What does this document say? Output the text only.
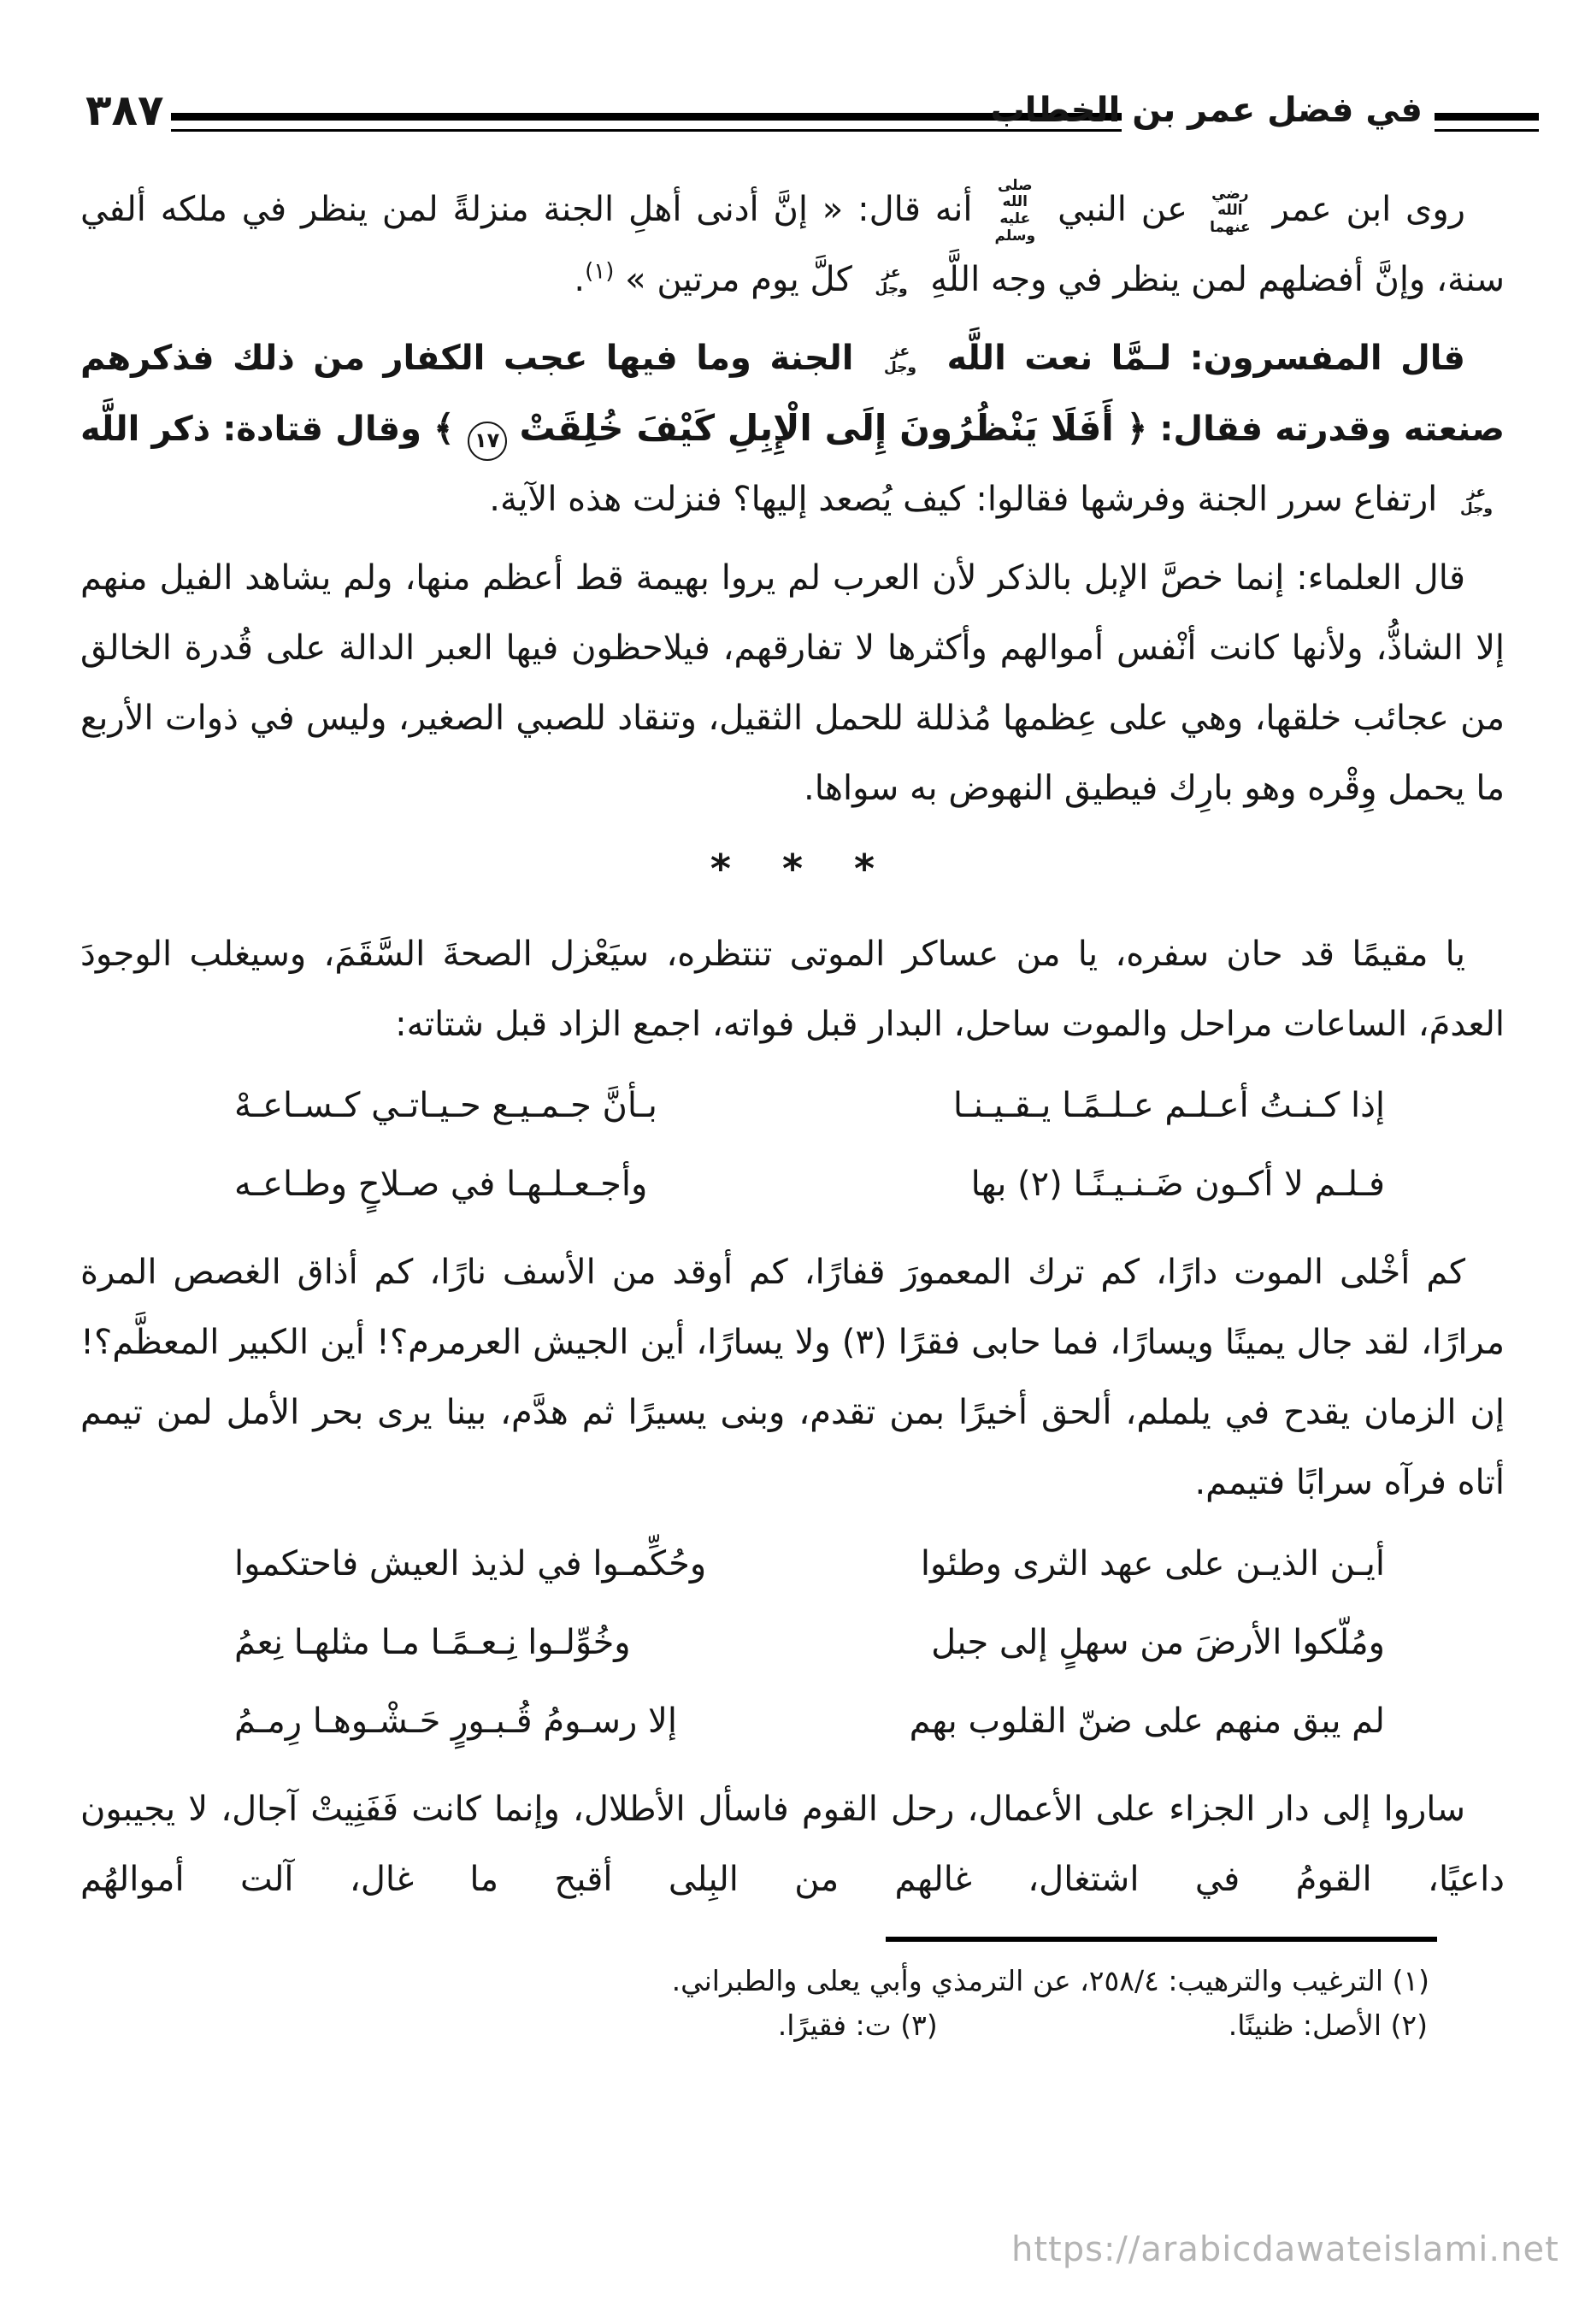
٣٨٧	في فضل عمر بن الخطاب

روى ابن عمر رضي الله عنهما عن النبي صلى الله عليه وسلم أنه قال: « إنَّ أدنى أهلِ الجنة منزلةً لمن ينظر في ملكه ألفي سنة، وإنَّ أفضلهم لمن ينظر في وجه اللَّهِ عز وجل كلَّ يوم مرتين » $^{(١)}$.

قال المفسرون: لـمَّا نعت اللَّه عز وجل الجنة وما فيها عجب الكفار من ذلك فذكرهم صنعته وقدرته فقال: ﴿ أَفَلَا يَنْظُرُونَ إِلَى الْإِبِلِ كَيْفَ خُلِقَتْ ١٧ ﴾ وقال قتادة: ذكر اللَّه عز وجل ارتفاع سرر الجنة وفرشها فقالوا: كيف يُصعد إليها؟ فنزلت هذه الآية.

قال العلماء: إنما خصَّ الإبل بالذكر لأن العرب لم يروا بهيمة قط أعظم منها، ولم يشاهد الفيل منهم إلا الشاذُّ، ولأنها كانت أنْفس أموالهم وأكثرها لا تفارقهم، فيلاحظون فيها العبر الدالة على قُدرة الخالق من عجائب خلقها، وهي على عِظمها مُذللة للحمل الثقيل، وتنقاد للصبي الصغير، وليس في ذوات الأربع ما يحمل وِقْره وهو بارِك فيطيق النهوض به سواها.

* * *

يا مقيمًا قد حان سفره، يا من عساكر الموتى تنتظره، سيَعْزل الصحةَ السَّقَمَ، وسيغلب الوجودَ العدمَ، الساعات مراحل والموت ساحل، البدار قبل فواته، اجمع الزاد قبل شتاته:

إذا كـنـتُ أعـلـم عـلـمًـا يـقـيـنـا
بـأنَّ جـمـيـع حـيـاتـي كـسـاعـهْ
فـلـم لا أكـون ضَـنـيـنًـا (٢) بها
وأجـعـلـهـا في صـلاحٍ وطـاعـه

كم أخْلى الموت دارًا، كم ترك المعمورَ قفارًا، كم أوقد من الأسف نارًا، كم أذاق الغصص المرة مرارًا، لقد جال يمينًا ويسارًا، فما حابى فقرًا (٣) ولا يسارًا، أين الجيش العرمرم؟! أين الكبير المعظَّم؟! إن الزمان يقدح في يلملم، ألحق أخيرًا بمن تقدم، وبنى يسيرًا ثم هدَّم، بينا يرى بحر الأمل لمن تيمم أتاه فرآه سرابًا فتيمم.

أيـن الذيـن على عهد الثرى وطئوا
وحُكِّمـوا في لذيذ العيش فاحتكموا
ومُلّكوا الأرضَ من سهلٍ إلى جبل
وخُوِّلـوا نِـعـمًـا مـا مثلهـا نِعمُ
لم يبق منهم على ضنّ القلوب بهم
إلا رسـومُ قُـبـورٍ حَـشْـوهـا رِمـمُ

ساروا إلى دار الجزاء على الأعمال، رحل القوم فاسأل الأطلال، وإنما كانت فَفَنِيتْ آجال، لا يجيبون داعيًا، القومُ في اشتغال، غالهم من البِلى أقبح ما غال، آلت أموالهُم

(١) الترغيب والترهيب: ٢٥٨/٤، عن الترمذي وأبي يعلى والطبراني.
(٢) الأصل: ظنينًا.
(٣) ت: فقيرًا.
https://arabicdawateislami.net
